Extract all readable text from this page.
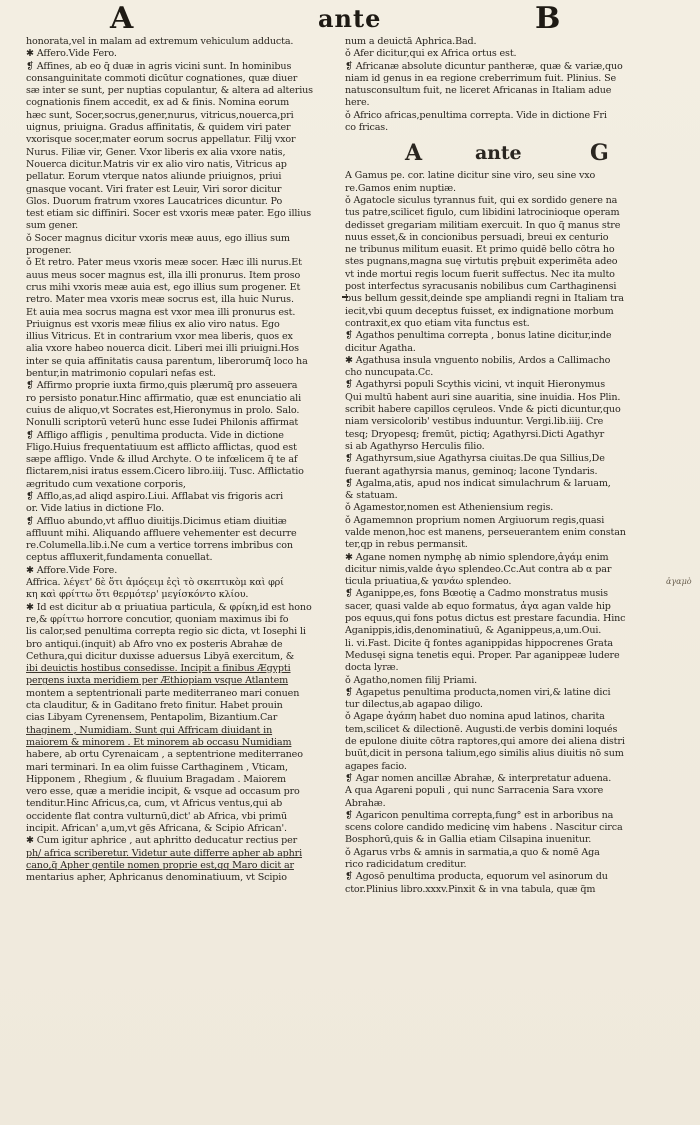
A	ante	B
honorata,vel in malam ad extremum vehiculum adducta.
✱ Affero.Vide Fero.
❡ Affines, ab eo q̄ duæ in agris vicini sunt. In hominibus
consanguinitate commoti dicūtur cognationes, quæ diuer
sæ inter se sunt, per nuptias copulantur, & altera ad alterius
cognationis finem accedit, ex ad & finis. Nomina eorum
hæc sunt, Socer,socrus,gener,nurus, vitricus,nouerca,pri
uignus, priuigna. Gradus affinitatis, & quidem viri pater
vxorisque socer,mater eorum socrus appellatur. Filij vxor
Nurus. Filiæ vir, Gener. Vxor liberis ex alia vxore natis,
Nouerca dicitur.Matris vir ex alio viro natis, Vitricus ap
pellatur. Eorum vterque natos aliunde priuignos, priui
gnasque vocant. Viri frater est Leuir, Viri soror dicitur
Glos. Duorum fratrum vxores Laucatrices dicuntur. Po
test etiam sic diffiniri. Socer est vxoris meæ pater. Ego illius
sum gener.
ǒ Socer magnus dicitur vxoris meæ auus, ego illius sum
progener.
ǒ Et retro. Pater meus vxoris meæ socer. Hæc illi nurus.Et
auus meus socer magnus est, illa illi pronurus. Item proso
crus mihi vxoris meæ auia est, ego illius sum progener. Et
retro. Mater mea vxoris meæ socrus est, illa huic Nurus.
Et auia mea socrus magna est vxor mea illi pronurus est.
Priuignus est vxoris meæ filius ex alio viro natus. Ego
illius Vitricus. Et in contrarium vxor mea liberis, quos ex
alia vxore habeo nouerca dicit. Liberi mei illi priuigni.Hos
inter se quia affinitatis causa parentum, liberorumq̃ loco ha
bentur,in matrimonio copulari nefas est.
❡ Affirmo proprie iuxta firmo,quis plærumq̃ pro asseuera
ro persisto ponatur.Hinc affirmatio, quæ est enunciatio ali
cuius de aliquo,vt Socrates est,Hieronymus in prolo. Salo.
Nonulli scriptorū veterū hunc esse Iudei Philonis affirmat
❡ Affligo affligis , penultima producta. Vide in dictione
Fligo.Huius frequentatiuum est afflicto afflictas, quod est
sæpe affligo. Vnde & illud Archyte. O te infœlicem q̃ te af
flictarem,nisi iratus essem.Cicero libro.iiij. Tusc. Afflictatio
ægritudo cum vexatione corporis,
❡ Afflo,as,ad aliqd aspiro.Liui. Afflabat vis frigoris acri
or. Vide latius in dictione Flo.
❡ Affluo abundo,vt affluo diuitijs.Dicimus etiam diuitiæ
affluunt mihi. Aliquando affluere vehementer est decurre
re.Columella.lib.i.Ne cum a vertice torrens imbribus con
ceptus affluxerit,fundamenta conuellat.
✱ Affore.Vide Fore.
Affrica. λέγετ' δὲ ὅτι ἀμόςειμ ἐςὶ τὸ σκεπτικὸμ καὶ φρί
κη καὶ φρίττω ὅτι θερμότερ' μεγίσκόντο κλίου.
✱ Id est dicitur ab α priuatiua particula, & φρίκη,id est hono
re,& φρίττω horrore concutior, quoniam maximus ibi fo
lis calor,sed penultima correpta regio sic dicta, vt Iosephi li
bro antiqui.(inquit) ab Afro vno ex posteris Abrahæ de
Cethura,qui dicitur duxisse aduersus Libyā exercitum, &
ibi deuictis hostibus consedisse. Incipit a finibus Ægypti
pergens iuxta meridiem per Æthiopiam vsque Atlantem
montem a septentrionali parte mediterraneo mari conuen
cta clauditur, & in Gaditano freto finitur. Habet prouin
cias Libyam Cyrenensem, Pentapolim, Bizantium.Car
thaginem , Numidiam. Sunt qui Affricam diuidant in
maiorem & minorem . Et minorem ab occasu Numidiam
habere, ab ortu Cyrenaicam , a septentrione mediterraneo
mari terminari. In ea olim fuisse Carthaginem , Vticam,
Hipponem , Rhegium , & fluuium Bragadam . Maiorem
vero esse, quæ a meridie incipit, & vsque ad occasum pro
tenditur.Hinc Africus,ca, cum, vt Africus ventus,qui ab
occidente flat contra vulturnū,dict' ab Africa, vbi primū
incipit. African' a,um,vt gēs Africana, & Scipio African'.
✱ Cum igitur aphrice , aut aphritto deducatur rectius per
ph/ africa scriberetur. Videtur aute differre apher ab aphri
cano,q̃ Apher gentile nomen proprie est,qq Maro dicit ar
mentarius apher, Aphricanus denominatiuum, vt Scipio
num a deuictā Aphrica.Bad.
ǒ Afer dicitur,qui ex Africa ortus est.
❡ Africanæ absolute dicuntur pantheræ, quæ & variæ,quo
niam id genus in ea regione creberrimum fuit. Plinius. Se
natusconsultum fuit, ne liceret Africanas in Italiam adue
here.
ǒ Africo africas,penultima correpta. Vide in dictione Fri
co fricas.
A	ante	G
A Gamus pe. cor. latine dicitur sine viro, seu sine vxo
re.Gamos enim nuptiæ.
ǒ Agatocle siculus tyrannus fuit, qui ex sordido genere na
tus patre,scilicet figulo, cum libidini latrocinioque operam
dedisset gregariam militiam exercuit. In quo q̃ manus stre
nuus esset,& in concionibus persuadi, breui ex centurio
ne tribunus militum euasit. Et primo quidē bello cōtra ho
stes pugnans,magna suę virtutis prębuit experimēta adeo
vt inde mortui regis locum fuerit suffectus. Nec ita multo
post interfectus syracusanis nobilibus cum Carthaginensi
bus bellum gessit,deinde spe ampliandi regni in Italiam tra
iecit,vbi quum deceptus fuisset, ex indignatione morbum
contraxit,ex quo etiam vita functus est.
❡ Agathos penultima correpta , bonus latine dicitur,inde
dicitur Agatha.
✱ Agathusa insula vnguento nobilis, Ardos a Callimacho
cho nuncupata.Cc.
❡ Agathyrsi populi Scythis vicini, vt inquit Hieronymus
Qui multū habent auri sine auaritia, sine inuidia. Hos Plin.
scribit habere capillos cęruleos. Vnde & picti dicuntur,quo
niam versicolorib' vestibus induuntur. Vergi.lib.iiij. Cre
tesq; Dryopesq; fremūt, pictiq; Agathyrsi.Dicti Agathyr
si ab Agathyrso Herculis filio.
❡ Agathyrsum,siue Agathyrsa ciuitas.De qua Sillius,De
fuerant agathyrsia manus, geminoq; lacone Tyndaris.
❡ Agalma,atis, apud nos indicat simulachrum & laruam,
& statuam.
ǒ Agamestor,nomen est Atheniensium regis.
ǒ Agamemnon proprium nomen Argiuorum regis,quasi
valde menon,hoc est manens, perseuerantem enim constan
ter,qp in rebus permansit.
✱ Agane nomen nymphę ab nimio splendore,ἀγάμ enim
dicitur nimis,valde ἀγω splendeo.Cc.Aut contra ab α par
ticula priuatiua,& γανάω splendeo.
❡ Aganippe,es, fons Bœotię a Cadmo monstratus musis
sacer, quasi valde ab equo formatus, ἀγα agan valde hip
pos equus,qui fons potus dictus est prestare facundia. Hinc
Aganippis,idis,denominatiuū, & Aganippeus,a,um.Oui.
li. vi.Fast. Dicite q̃ fontes aganippidas hippocrenes Grata
Medusęi signa tenetis equi. Proper. Par aganippeæ ludere
docta lyræ.
ǒ Agatho,nomen filij Priami.
❡ Agapetus penultima producta,nomen viri,& latine dici
tur dilectus,ab agapao diligo.
ǒ Agape ἀγάπη habet duo nomina apud latinos, charita
tem,scilicet & dilectionē. Augusti.de verbis domini loqués
de epulone diuite cōtra raptores,qui amore dei aliena distri
buūt,dicit in persona talium,ego similis alius diuitis nō sum
agapes facio.
❡ Agar nomen ancillæ Abrahæ, & interpretatur aduena.
A qua Agareni populi , qui nunc Sarracenia Sara vxore
Abrahæ.
❡ Agaricon penultima correpta,fung° est in arboribus na
scens colore candido medicinę vim habens . Nascitur circa
Bosphorū,quis & in Gallia etiam Cilsapina inuenitur.
ǒ Agarus vrbs & amnis in sarmatia,a quo & nomē Aga
rico radicidatum creditur.
❡ Agosō penultima producta, equorum vel asinorum du
ctor.Plinius libro.xxxv.Pinxit & in vna tabula, quæ q̃m
ἀγαμὸ
